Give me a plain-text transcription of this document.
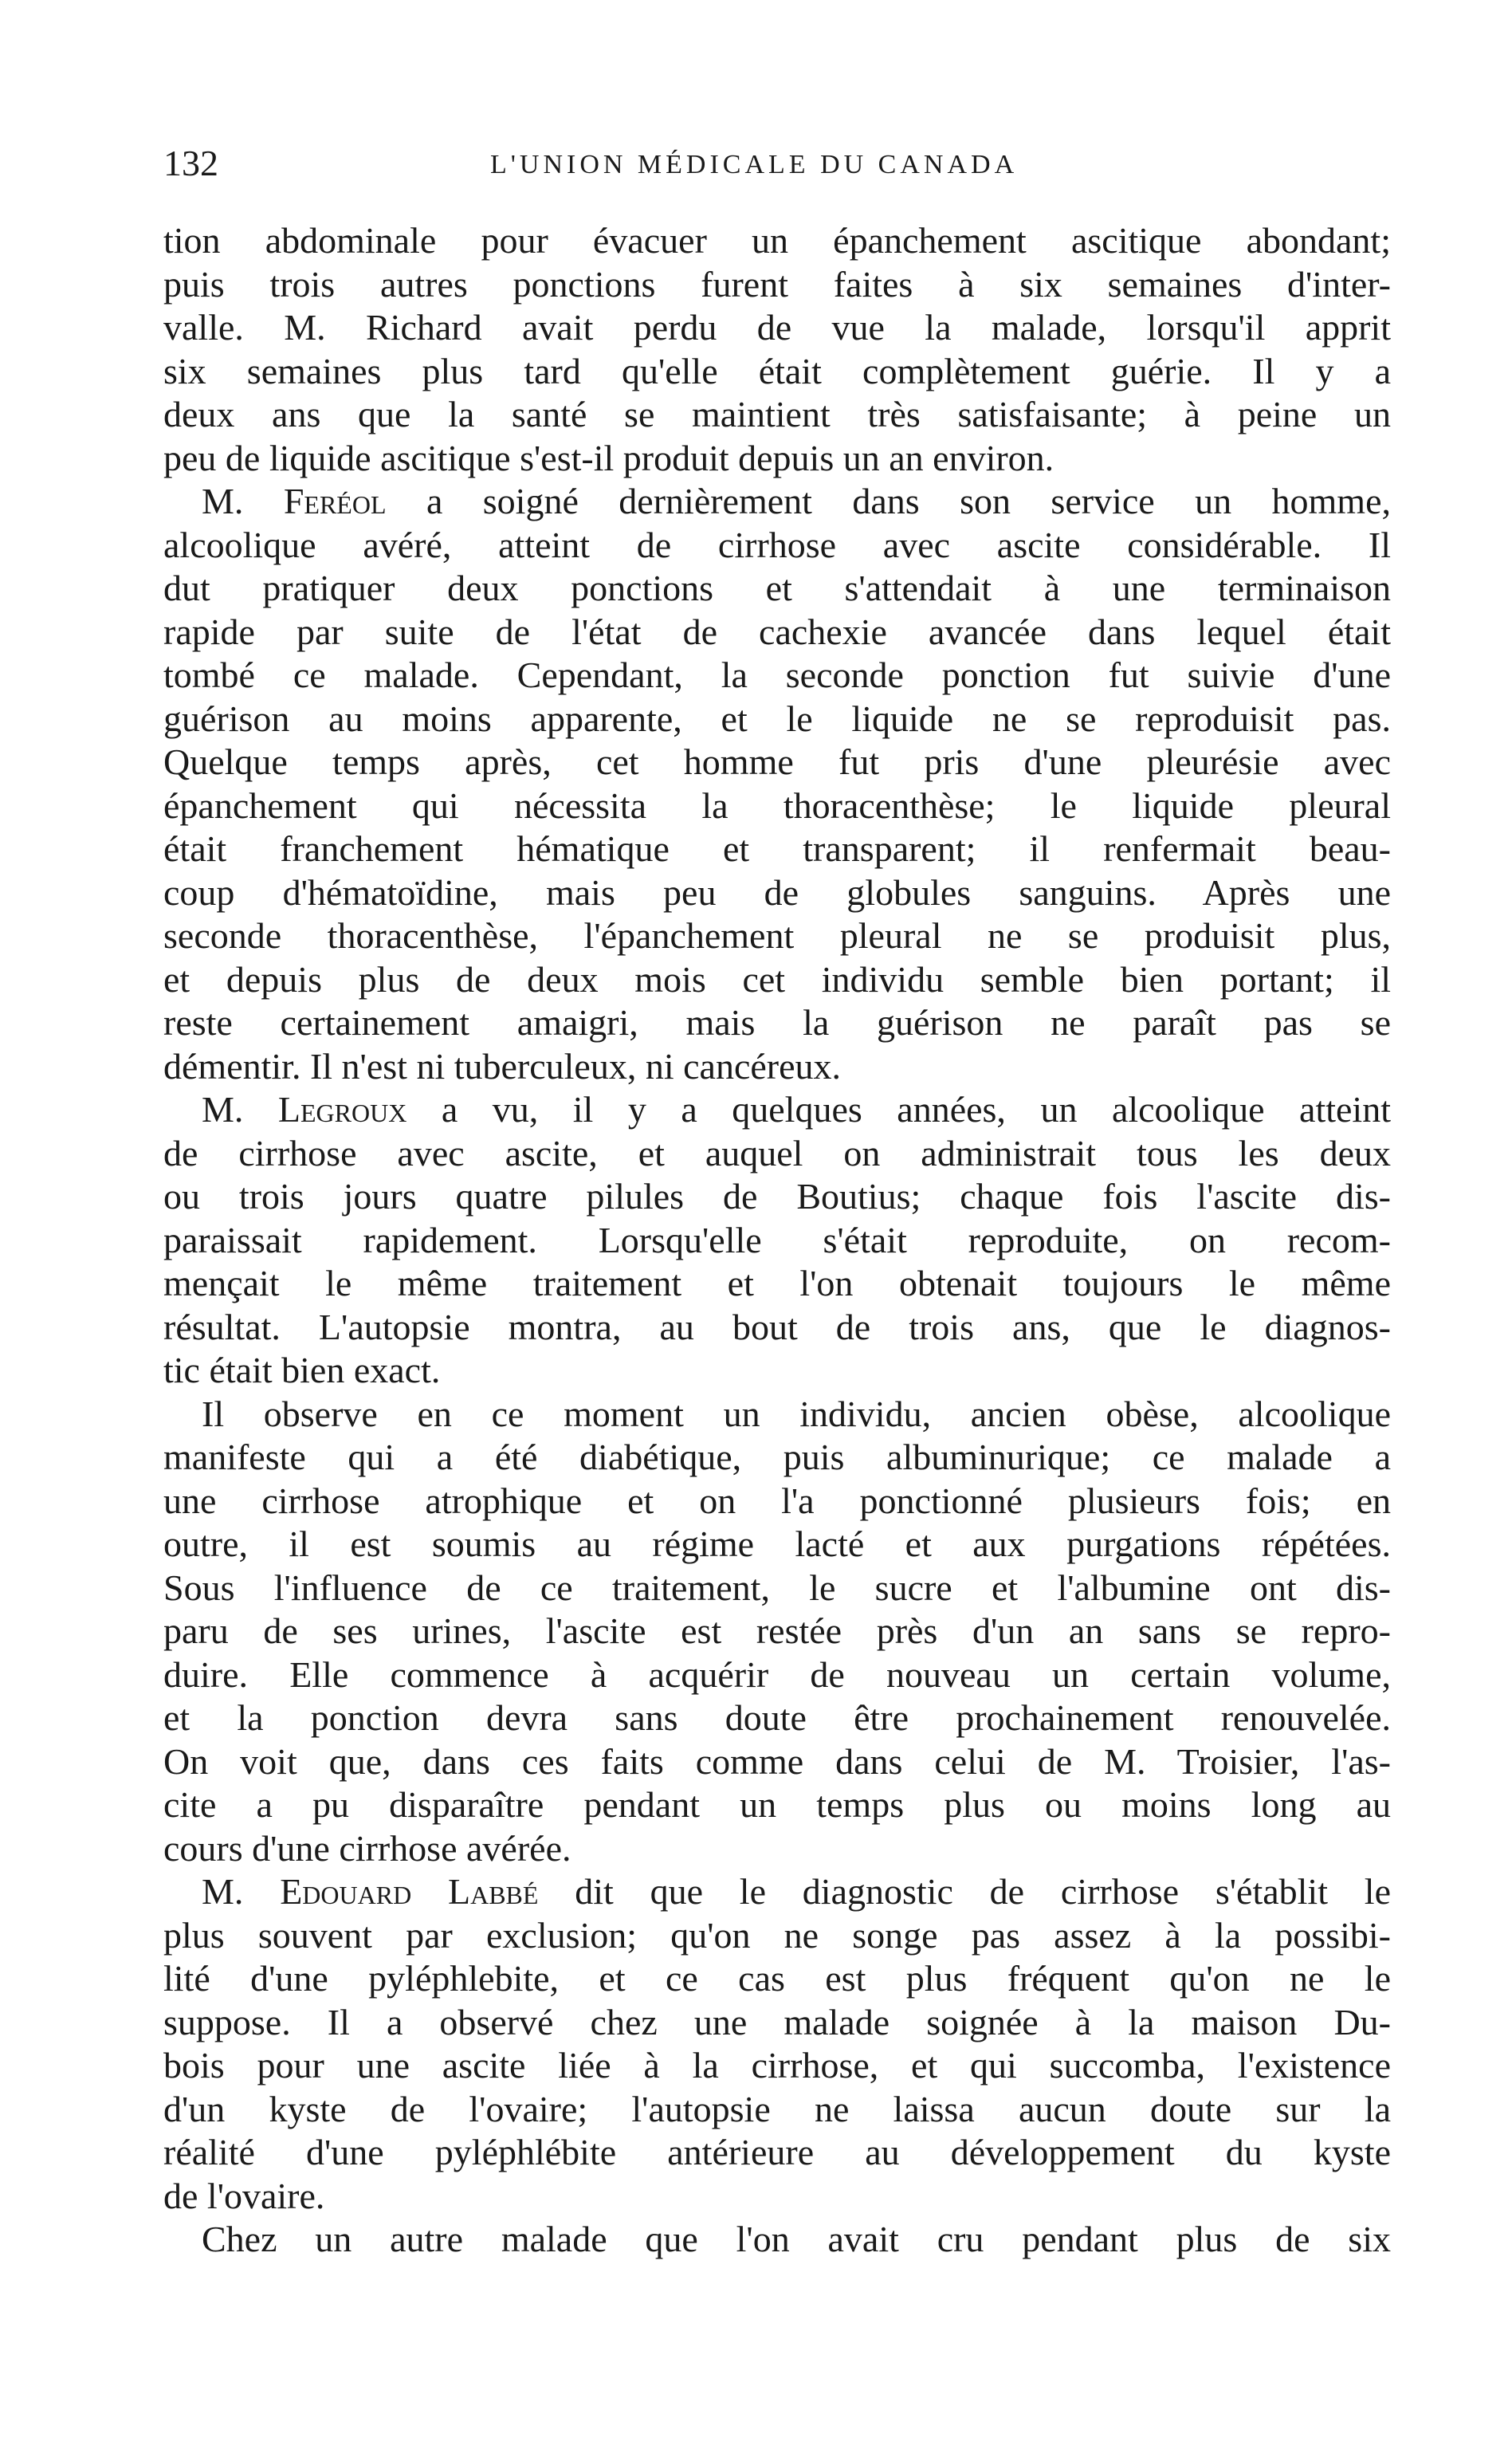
132	L'UNION MÉDICALE DU CANADA
tion abdominale pour évacuer un épanchement ascitique abondant;
puis trois autres ponctions furent faites à six semaines d'inter-
valle. M. Richard avait perdu de vue la malade, lorsqu'il apprit
six semaines plus tard qu'elle était complètement guérie. Il y a
deux ans que la santé se maintient très satisfaisante; à peine un
peu de liquide ascitique s'est-il produit depuis un an environ.
M. Feréol a soigné dernièrement dans son service un homme,
alcoolique avéré, atteint de cirrhose avec ascite considérable. Il
dut pratiquer deux ponctions et s'attendait à une terminaison
rapide par suite de l'état de cachexie avancée dans lequel était
tombé ce malade. Cependant, la seconde ponction fut suivie d'une
guérison au moins apparente, et le liquide ne se reproduisit pas.
Quelque temps après, cet homme fut pris d'une pleurésie avec
épanchement qui nécessita la thoracenthèse; le liquide pleural
était franchement hématique et transparent; il renfermait beau-
coup d'hématoïdine, mais peu de globules sanguins. Après une
seconde thoracenthèse, l'épanchement pleural ne se produisit plus,
et depuis plus de deux mois cet individu semble bien portant; il
reste certainement amaigri, mais la guérison ne paraît pas se
démentir. Il n'est ni tuberculeux, ni cancéreux.
M. Legroux a vu, il y a quelques années, un alcoolique atteint
de cirrhose avec ascite, et auquel on administrait tous les deux
ou trois jours quatre pilules de Boutius; chaque fois l'ascite dis-
paraissait rapidement. Lorsqu'elle s'était reproduite, on recom-
mençait le même traitement et l'on obtenait toujours le même
résultat. L'autopsie montra, au bout de trois ans, que le diagnos-
tic était bien exact.
Il observe en ce moment un individu, ancien obèse, alcoolique
manifeste qui a été diabétique, puis albuminurique; ce malade a
une cirrhose atrophique et on l'a ponctionné plusieurs fois; en
outre, il est soumis au régime lacté et aux purgations répétées.
Sous l'influence de ce traitement, le sucre et l'albumine ont dis-
paru de ses urines, l'ascite est restée près d'un an sans se repro-
duire. Elle commence à acquérir de nouveau un certain volume,
et la ponction devra sans doute être prochainement renouvelée.
On voit que, dans ces faits comme dans celui de M. Troisier, l'as-
cite a pu disparaître pendant un temps plus ou moins long au
cours d'une cirrhose avérée.
M. Edouard Labbé dit que le diagnostic de cirrhose s'établit le
plus souvent par exclusion; qu'on ne songe pas assez à la possibi-
lité d'une pyléphlebite, et ce cas est plus fréquent qu'on ne le
suppose. Il a observé chez une malade soignée à la maison Du-
bois pour une ascite liée à la cirrhose, et qui succomba, l'existence
d'un kyste de l'ovaire; l'autopsie ne laissa aucun doute sur la
réalité d'une pyléphlébite antérieure au développement du kyste
de l'ovaire.
Chez un autre malade que l'on avait cru pendant plus de six
